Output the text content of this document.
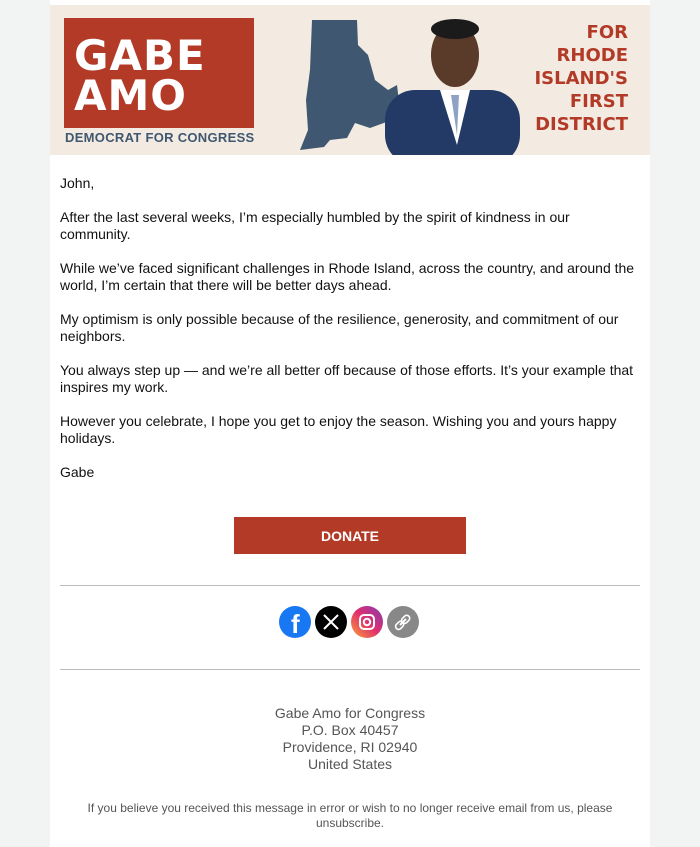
GABE
AMO
DEMOCRAT FOR CONGRESS
FOR
RHODE
ISLAND'S
FIRST
DISTRICT

John,

After the last several weeks, I’m especially humbled by the spirit of kindness in our community.

While we’ve faced significant challenges in Rhode Island, across the country, and around the world, I’m certain that there will be better days ahead.

My optimism is only possible because of the resilience, generosity, and commitment of our neighbors.

You always step up — and we’re all better off because of those efforts. It’s your example that inspires my work.

However you celebrate, I hope you get to enjoy the season. Wishing you and yours happy holidays.

Gabe

DONATE
f
Gabe Amo for Congress
P.O. Box 40457
Providence, RI 02940
United States
If you believe you received this message in error or wish to no longer receive email from us, please unsubscribe.
